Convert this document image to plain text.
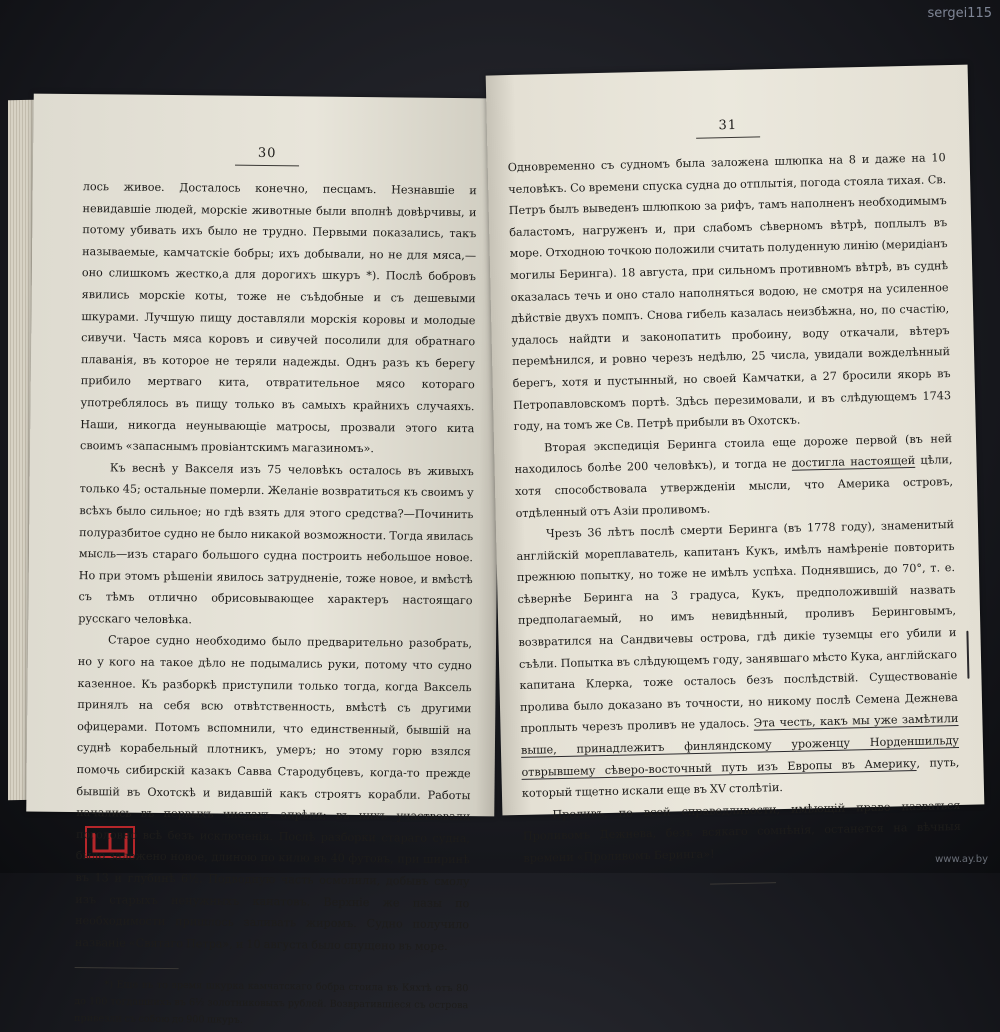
sergei115
www.ay.by
30

лось живое. Досталось конечно, песцамъ. Незнавшіе и невидавшіе людей, морскіе животные были вполнѣ довѣрчивы, и потому убивать ихъ было не трудно. Первыми показались, такъ называемые, камчатскіе бобры; ихъ добывали, но не для мяса,—оно слишкомъ жестко,а для дорогихъ шкуръ *). Послѣ бобровъ явились морскіе коты, тоже не съѣдобные и съ дешевыми шкурами. Лучшую пищу доставляли морскія коровы и молодые сивучи. Часть мяса коровъ и сивучей посолили для обратнаго плаванія, въ которое не теряли надежды. Однъ разъ къ берегу прибило мертваго кита, отвратительное мясо котораго употреблялось въ пищу только въ самыхъ крайнихъ случаяхъ. Наши, никогда неунывающіе матросы, прозвали этого кита своимъ «запаснымъ провіантскимъ магазиномъ».

Къ веснѣ у Вакселя изъ 75 человѣкъ осталось въ живыхъ только 45; остальные померли. Желаніе возвратиться къ своимъ у всѣхъ было сильное; но гдѣ взять для этого средства?—Починить полуразбитое судно не было никакой возможности. Тогда явилась мысль—изъ стараго большого судна построить небольшое новое. Но при этомъ рѣшеніи явилось затрудненіе, тоже новое, и вмѣстѣ съ тѣмъ отлично обрисовывающее характеръ настоящаго русскаго человѣка.

Старое судно необходимо было предварительно разобрать, но у кого на такое дѣло не подымались руки, потому что судно казенное. Къ разборкѣ приступили только тогда, когда Ваксель принялъ на себя всю отвѣтственность, вмѣстѣ съ другими офицерами. Потомъ вспомнили, что единственный, бывшій на суднѣ корабельный плотникъ, умеръ; но этому горю взялся помочь сибирскій казакъ Савва Стародубцевъ, когда-то прежде бывшій въ Охотскѣ и видавшій какъ строятъ корабли. Работы начались въ первыхъ числахъ апрѣля; въ нихъ участвовали поголовно всѣ безъ исключенія. Послѣ разборки стараго судна, было заложено новое, длиною по килю въ 40 футовъ, при ширинѣ въ 13 и глубинѣ 6½. Подводную часть осмолили, добывъ смолу изъ старыхъ ненужныхъ канатовъ. Верхніе же пазы по необходимости пришлось заливать жиромъ. Судно получило названіе «Святаго Петра», и 10 августа было спущено въ море.

*) Еще въ то время шкурка камчатскаго бобра стоила въ Кяхтѣ отъ 80 до 100 тогдашнихъ въ 6½ золотниковыхъ рублей. Возвратившіеся съ острова привезли съ собою до 900 шкуръ.

31

Одновременно съ судномъ была заложена шлюпка на 8 и даже на 10 человѣкъ. Со времени спуска судна до отплытія, погода стояла тихая. Св. Петръ былъ выведенъ шлюпкою за рифъ, тамъ наполненъ необходимымъ баластомъ, нагруженъ и, при слабомъ сѣверномъ вѣтрѣ, поплылъ въ море. Отходною точкою положили считать полуденную линію (меридіанъ могилы Беринга). 18 августа, при сильномъ противномъ вѣтрѣ, въ суднѣ оказалась течь и оно стало наполняться водою, не смотря на усиленное дѣйствіе двухъ помпъ. Снова гибель казалась неизбѣжна, но, по счастію, удалось найдти и законопатить пробоину, воду откачали, вѣтеръ перемѣнился, и ровно черезъ недѣлю, 25 числа, увидали вожделѣнный берегъ, хотя и пустынный, но своей Камчатки, а 27 бросили якорь въ Петропавловскомъ портѣ. Здѣсь перезимовали, и въ слѣдующемъ 1743 году, на томъ же Св. Петрѣ прибыли въ Охотскъ.

Вторая экспедиція Беринга стоила еще дороже первой (въ ней находилось болѣе 200 человѣкъ), и тогда не достигла настоящей цѣли, хотя способствовала утвержденіи мысли, что Америка островъ, отдѣленный отъ Азіи проливомъ.

Чрезъ 36 лѣтъ послѣ смерти Беринга (въ 1778 году), знаменитый англійскій мореплаватель, капитанъ Кукъ, имѣлъ намѣреніе повторить прежнюю попытку, но тоже не имѣлъ успѣха. Поднявшись, до 70°, т. е. сѣвернѣе Беринга на 3 градуса, Кукъ, предположившій назвать предполагаемый, но имъ невидѣнный, проливъ Беринговымъ, возвратился на Сандвичевы острова, гдѣ дикіе туземцы его убили и съѣли. Попытка въ слѣдующемъ году, занявшаго мѣсто Кука, англійскаго капитана Клерка, тоже осталось безъ послѣдствій. Существованіе пролива было доказано въ точности, но никому послѣ Семена Дежнева проплыть черезъ проливъ не удалось. Эта честь, какъ мы уже замѣтили выше, принадлежитъ финляндскому уроженцу Норденшильду отврывшему сѣверо-восточный путь изъ Европы въ Америку, путь, который тщетно искали еще въ XV столѣтіи.

Проливъ, по всей справедливости, имѣющій право назваться Проливомъ Дежнева, безъ всякаго сомнѣнія, останется на вѣчныя времени «Проливомъ Беринга»!
